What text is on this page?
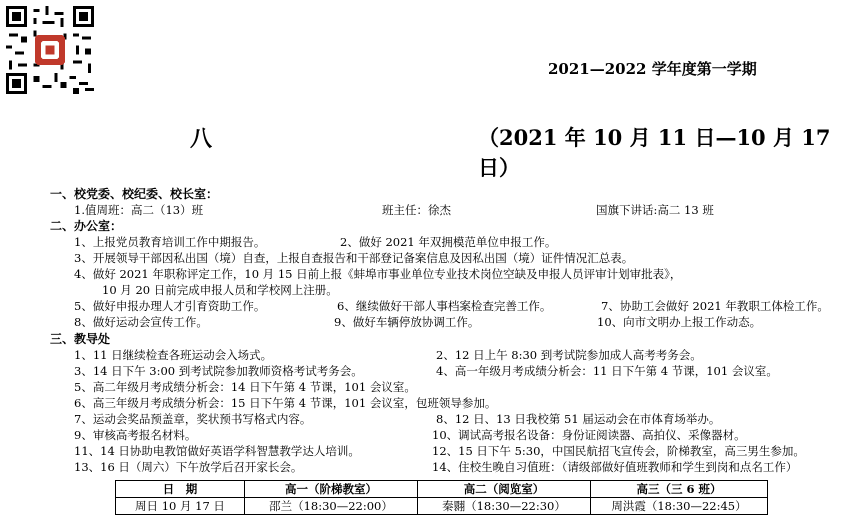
2021—2022 学年度第一学期
八	（2021 年 10 月 11 日—10 月 17 日）
一、校党委、校纪委、校长室：
1.值周班：高二（13）班	班主任：徐杰	国旗下讲话:高二 13 班
二、办公室：
1、上报党员教育培训工作中期报告。	2、做好 2021 年双拥模范单位申报工作。
3、开展领导干部因私出国（境）自查，上报自查报告和干部登记备案信息及因私出国（境）证件情况汇总表。
4、做好 2021 年职称评定工作，10 月 15 日前上报《蚌埠市事业单位专业技术岗位空缺及申报人员评审计划审批表》，
10 月 20 日前完成申报人员和学校网上注册。
5、做好申报办理人才引育资助工作。	6、继续做好干部人事档案检查完善工作。	7、协助工会做好 2021 年教职工体检工作。
8、做好运动会宣传工作。	9、做好车辆停放协调工作。	10、向市文明办上报工作动态。
三、教导处
1、11 日继续检查各班运动会入场式。	2、12 日上午 8:30 到考试院参加成人高考考务会。
3、14 日下午 3:00 到考试院参加教师资格考试考务会。	4、高一年级月考成绩分析会：11 日下午第 4 节课，101 会议室。
5、高二年级月考成绩分析会：14 日下午第 4 节课，101 会议室。
6、高三年级月考成绩分析会：15 日下午第 4 节课，101 会议室，包班领导参加。
7、运动会奖品预盖章，奖状预书写格式内容。	8、12 日、13 日我校第 51 届运动会在市体育场举办。
9、审核高考报名材料。	10、调试高考报名设备：身份证阅读器、高拍仪、采像器材。
11、14 日协助电教馆做好英语学科智慧教学达人培训。	12、15 日下午 5:30，中国民航招飞宣传会，阶梯教室，高三男生参加。
13、16 日（周六）下午放学后召开家长会。	14、住校生晚自习值班：（请级部做好值班教师和学生到岗和点名工作）
日　期	高一（阶梯教室）	高二（阅览室）	高三（三 6 班）
周日 10 月 17 日	邵兰（18:30—22:00）	秦翾（18:30—22:30）	周洪霞（18:30—22:45）
